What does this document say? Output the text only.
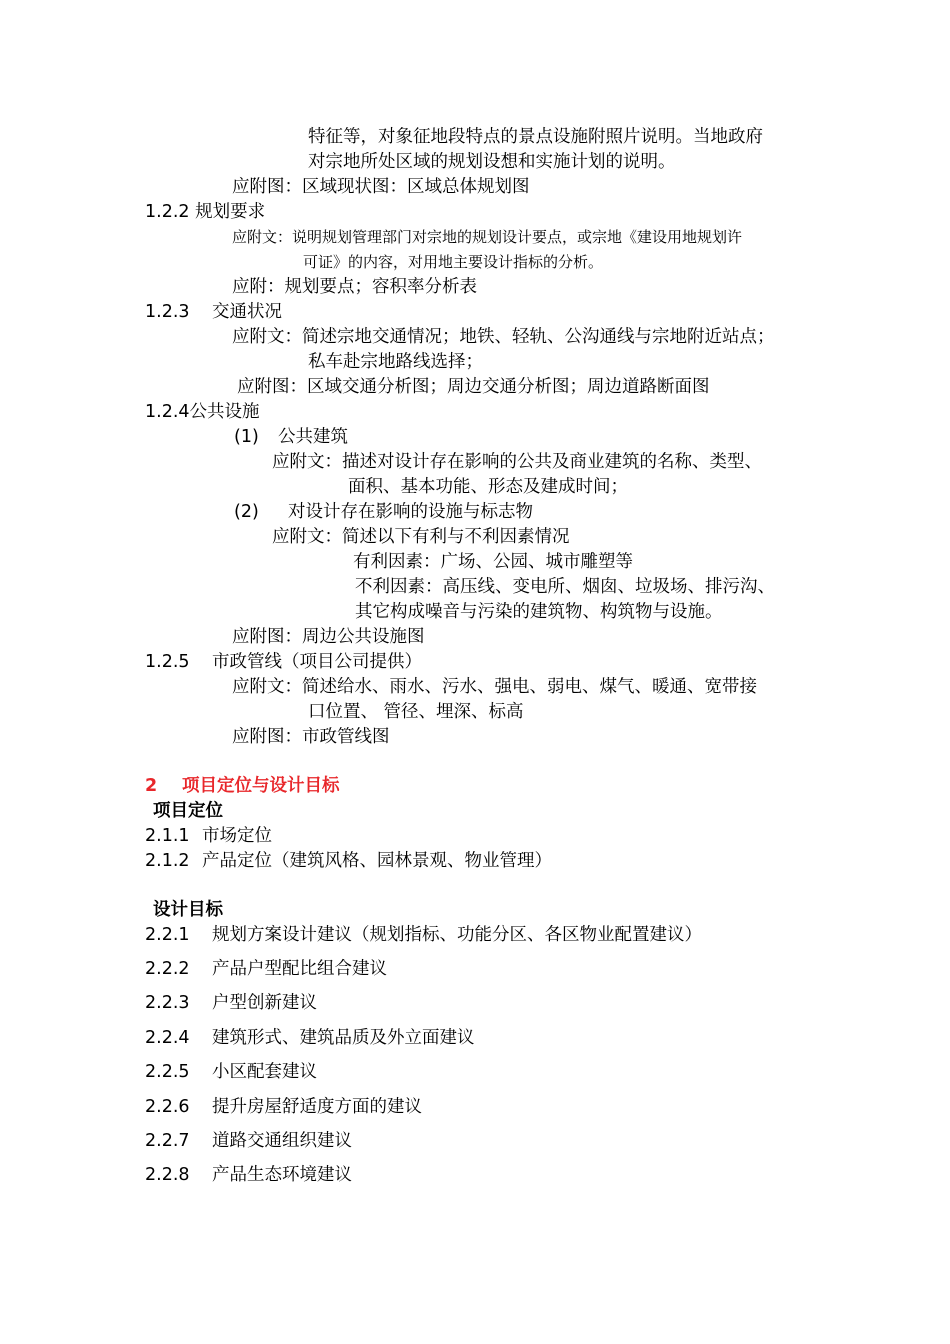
特征等，对象征地段特点的景点设施附照片说明。当地政府
对宗地所处区域的规划设想和实施计划的说明。
应附图：区域现状图：区域总体规划图
1.2.2 规划要求
应附文：说明规划管理部门对宗地的规划设计要点，或宗地《建设用地规划许
可证》的内容，对用地主要设计指标的分析。
应附：规划要点；容积率分析表
1.2.3 交通状况
应附文：简述宗地交通情况；地铁、轻轨、公沟通线与宗地附近站点；
私车赴宗地路线选择；
应附图：区域交通分析图；周边交通分析图；周边道路断面图
1.2.4公共设施
(1) 公共建筑
应附文：描述对设计存在影响的公共及商业建筑的名称、类型、
面积、基本功能、形态及建成时间；
(2) 对设计存在影响的设施与标志物
应附文：简述以下有利与不利因素情况
有利因素：广场、公园、城市雕塑等
不利因素：高压线、变电所、烟囱、垃圾场、排污沟、
其它构成噪音与污染的建筑物、构筑物与设施。
应附图：周边公共设施图
1.2.5 市政管线（项目公司提供）
应附文：简述给水、雨水、污水、强电、弱电、煤气、暖通、宽带接
口位置、 管径、埋深、标高
应附图：市政管线图
2 项目定位与设计目标
项目定位
2.1.1 市场定位
2.1.2 产品定位（建筑风格、园林景观、物业管理）
设计目标
2.2.1 规划方案设计建议（规划指标、功能分区、各区物业配置建议）
2.2.2 产品户型配比组合建议
2.2.3 户型创新建议
2.2.4 建筑形式、建筑品质及外立面建议
2.2.5 小区配套建议
2.2.6 提升房屋舒适度方面的建议
2.2.7 道路交通组织建议
2.2.8 产品生态环境建议
